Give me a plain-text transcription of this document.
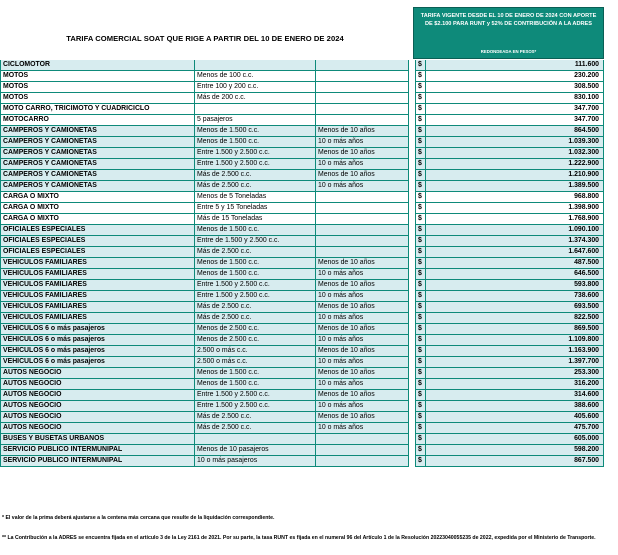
TARIFA COMERCIAL SOAT QUE RIGE A PARTIR DEL 10 DE ENERO DE 2024
TARIFA VIGENTE DESDE EL 10 DE ENERO DE 2024 CON APORTE DE $2.100 PARA RUNT y 52% DE CONTRIBUCIÓN A LA ADRES
REDONDEADA EN PESOS*
CICLOMOTOR				$	111.600
MOTOS	Menos de 100 c.c.			$	230.200
MOTOS	Entre 100 y 200 c.c.			$	308.500
MOTOS	Más de 200 c.c.			$	830.100
MOTO CARRO, TRICIMOTO Y CUADRICICLO				$	347.700
MOTOCARRO	5 pasajeros			$	347.700
CAMPEROS Y CAMIONETAS	Menos de 1.500 c.c.	Menos de 10 años		$	864.500
CAMPEROS Y CAMIONETAS	Menos de 1.500 c.c.	10 o más años		$	1.039.300
CAMPEROS Y CAMIONETAS	Entre 1.500 y 2.500 c.c.	Menos de 10 años		$	1.032.300
CAMPEROS Y CAMIONETAS	Entre 1.500 y 2.500 c.c.	10 o más años		$	1.222.900
CAMPEROS Y CAMIONETAS	Más de 2.500 c.c.	Menos de 10 años		$	1.210.900
CAMPEROS Y CAMIONETAS	Más de 2.500 c.c.	10 o más años		$	1.389.500
CARGA O MIXTO	Menos de 5 Toneladas			$	968.800
CARGA O MIXTO	Entre 5 y 15 Toneladas			$	1.398.900
CARGA O MIXTO	Más de 15 Toneladas			$	1.768.900
OFICIALES ESPECIALES	Menos de 1.500 c.c.			$	1.090.100
OFICIALES ESPECIALES	Entre de 1.500 y 2.500 c.c.			$	1.374.300
OFICIALES ESPECIALES	Más de 2.500 c.c.			$	1.647.600
VEHICULOS FAMILIARES	Menos de 1.500 c.c.	Menos de 10 años		$	487.500
VEHICULOS FAMILIARES	Menos de 1.500 c.c.	10 o más años		$	646.500
VEHICULOS FAMILIARES	Entre 1.500 y 2.500 c.c.	Menos de 10 años		$	593.800
VEHICULOS FAMILIARES	Entre 1.500 y 2.500 c.c.	10 o más años		$	738.600
VEHICULOS FAMILIARES	Más de 2.500 c.c.	Menos de 10 años		$	693.500
VEHICULOS FAMILIARES	Más de 2.500 c.c.	10 o más años		$	822.500
VEHICULOS 6 o más pasajeros	Menos de 2.500 c.c.	Menos de 10 años		$	869.500
VEHICULOS 6 o más pasajeros	Menos de 2.500 c.c.	10 o más años		$	1.109.800
VEHICULOS 6 o más pasajeros	2.500 o más c.c.	Menos de 10 años		$	1.163.900
VEHICULOS 6 o más pasajeros	2.500 o más c.c.	10 o más años		$	1.397.700
AUTOS NEGOCIO	Menos de 1.500 c.c.	Menos de 10 años		$	253.300
AUTOS NEGOCIO	Menos de 1.500 c.c.	10 o más años		$	316.200
AUTOS NEGOCIO	Entre 1.500 y 2.500 c.c.	Menos de 10 años		$	314.600
AUTOS NEGOCIO	Entre 1.500 y 2.500 c.c.	10 o más años		$	388.600
AUTOS NEGOCIO	Más de 2.500 c.c.	Menos de 10 años		$	405.600
AUTOS NEGOCIO	Más de 2.500 c.c.	10 o más años		$	475.700
BUSES Y BUSETAS URBANOS				$	605.000
SERVICIO PUBLICO INTERMUNIPAL	Menos de 10 pasajeros			$	598.200
SERVICIO PUBLICO INTERMUNIPAL	10 o más pasajeros			$	867.500
* El valor de la prima deberá ajustarse a la centena más cercana que resulte de la liquidación correspondiente.
** La Contribución a la ADRES se encuentra fijada en el artículo 3 de la Ley 2161 de 2021. Por su parte, la tasa RUNT es fijada en el numeral 96 del Artículo 1 de la Resolución 20223040055235 de 2022, expedida por el Ministerio de Transporte.
